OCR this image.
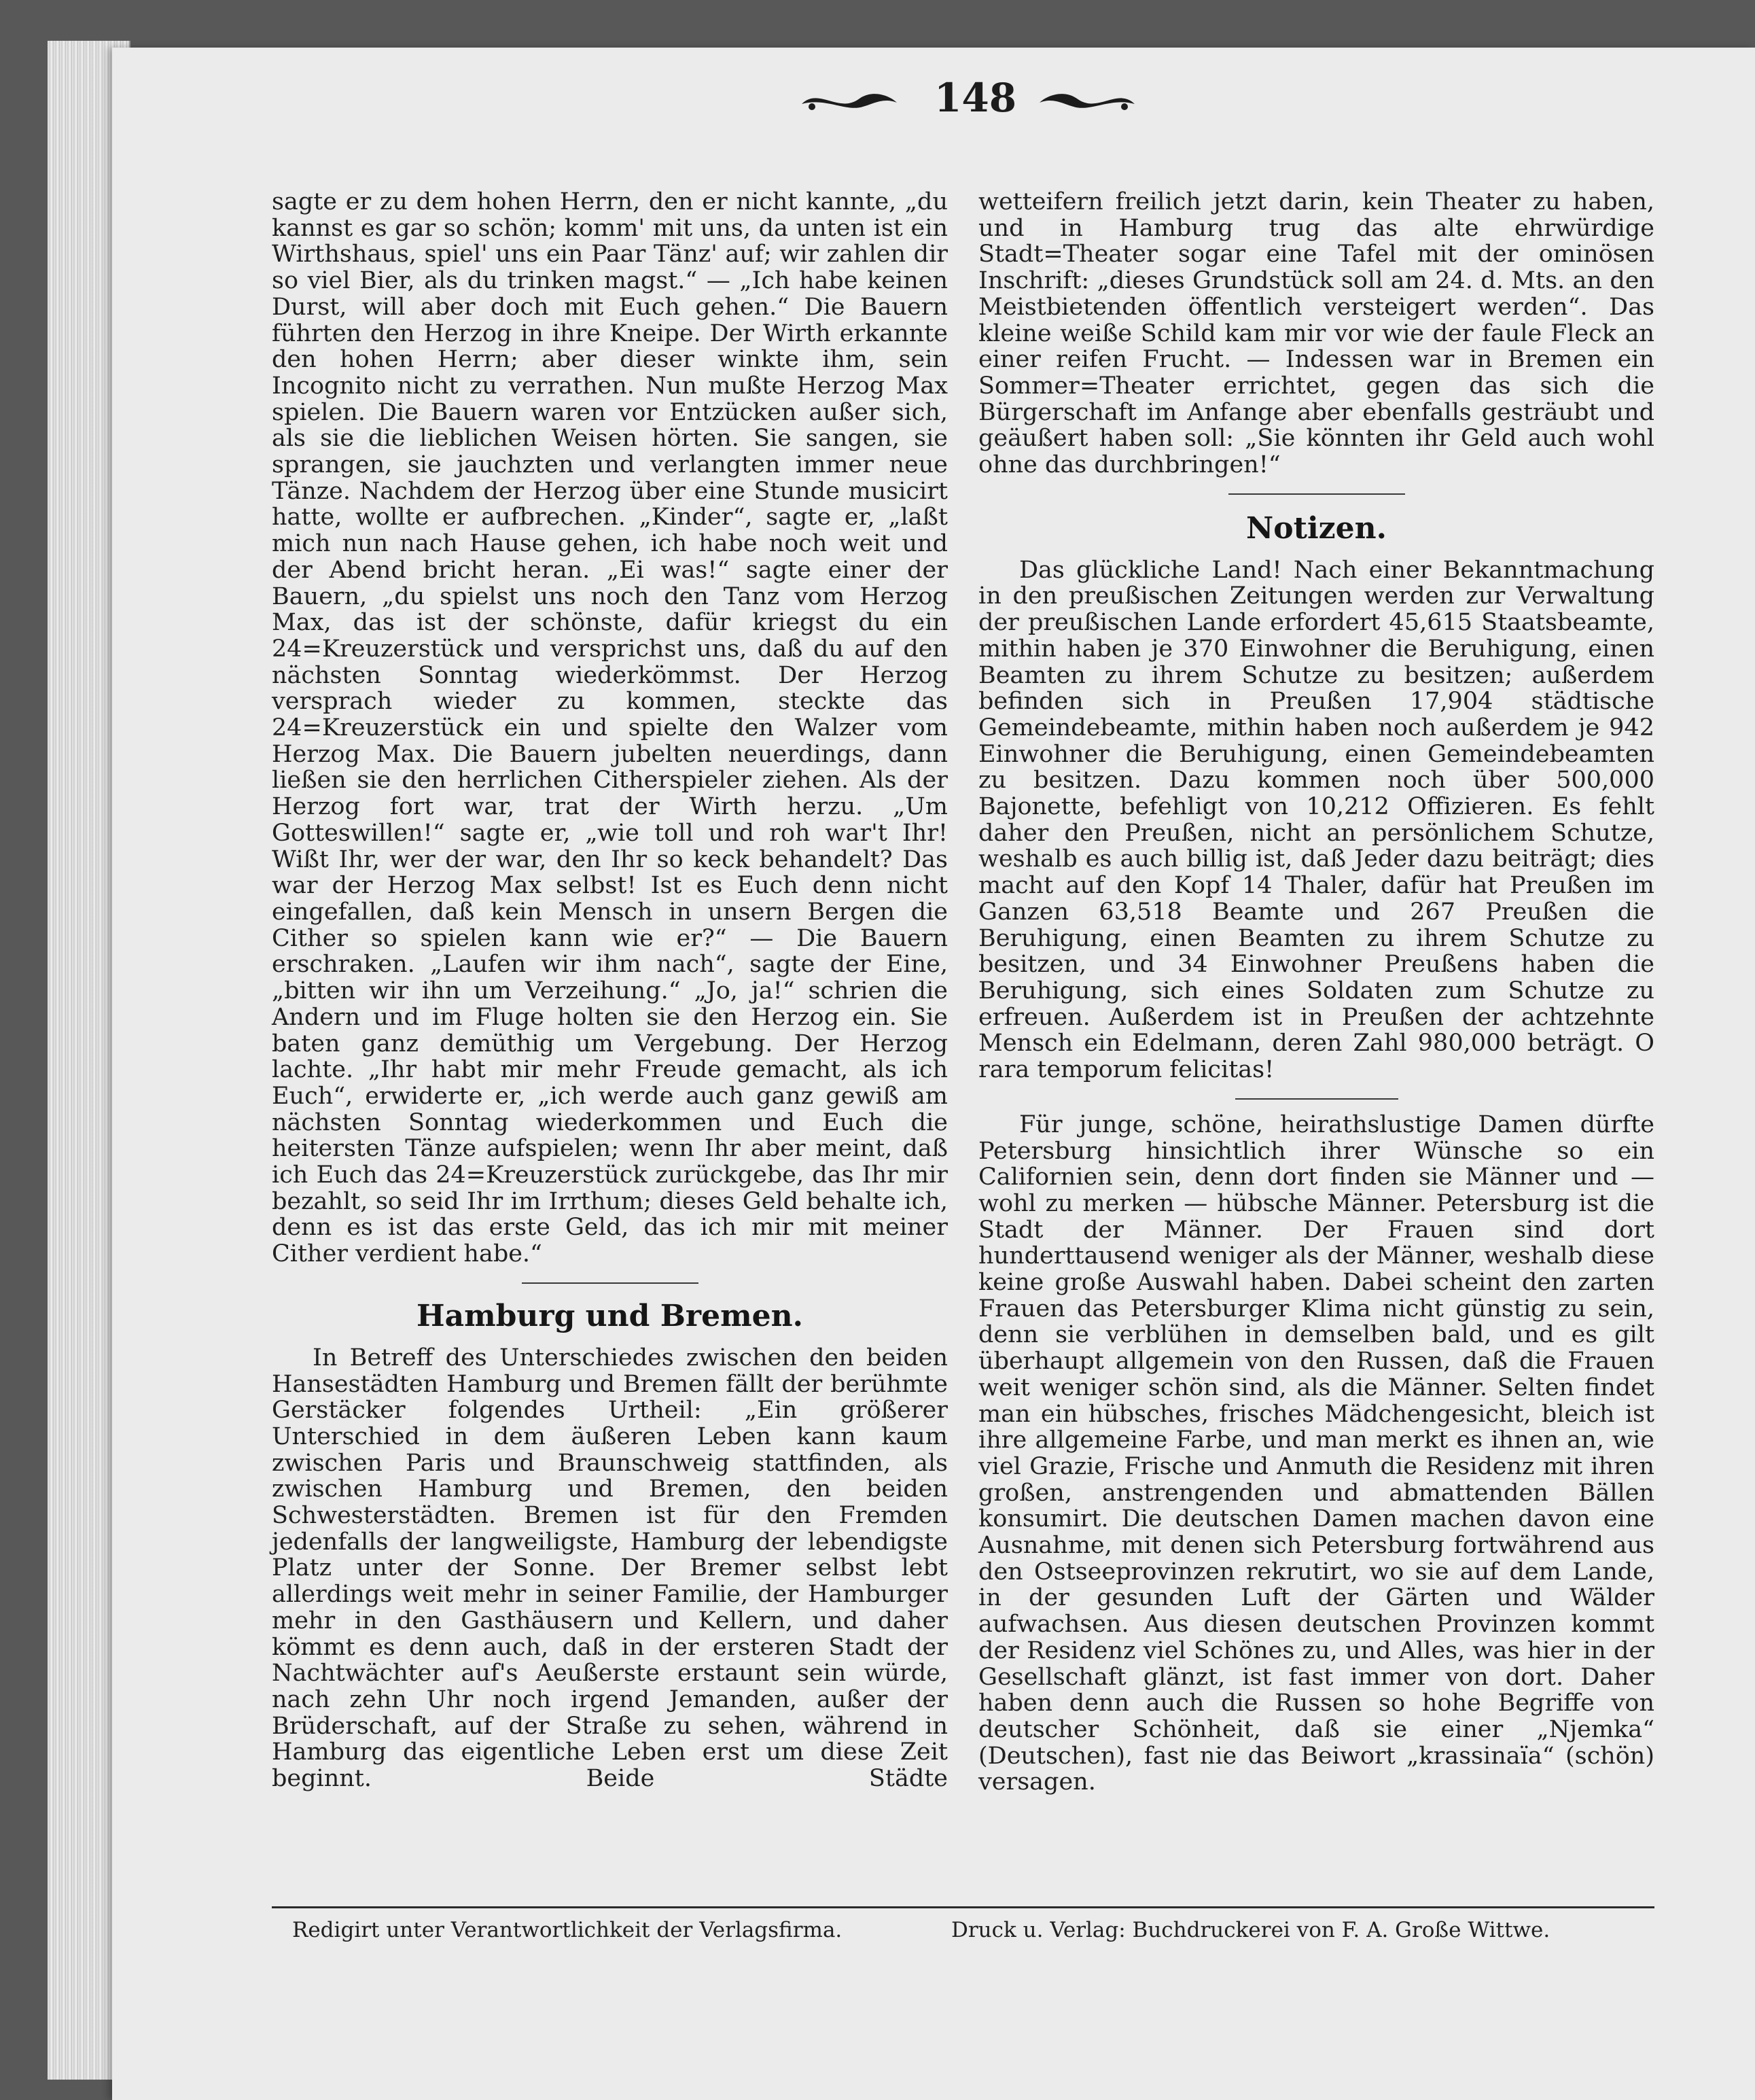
148

sagte er zu dem hohen Herrn, den er nicht kannte, „du kannst es gar so schön; komm' mit uns, da unten ist ein Wirthshaus, spiel' uns ein Paar Tänz' auf; wir zahlen dir so viel Bier, als du trinken magst.“ — „Ich habe keinen Durst, will aber doch mit Euch gehen.“ Die Bauern führten den Herzog in ihre Kneipe. Der Wirth erkannte den hohen Herrn; aber dieser winkte ihm, sein Incognito nicht zu verrathen. Nun mußte Herzog Max spielen. Die Bauern waren vor Entzücken außer sich, als sie die lieblichen Weisen hörten. Sie sangen, sie sprangen, sie jauchzten und verlangten immer neue Tänze. Nachdem der Herzog über eine Stunde musicirt hatte, wollte er aufbrechen. „Kinder“, sagte er, „laßt mich nun nach Hause gehen, ich habe noch weit und der Abend bricht heran. „Ei was!“ sagte einer der Bauern, „du spielst uns noch den Tanz vom Herzog Max, das ist der schönste, dafür kriegst du ein 24=Kreuzerstück und versprichst uns, daß du auf den nächsten Sonntag wiederkömmst. Der Herzog versprach wieder zu kommen, steckte das 24=Kreuzerstück ein und spielte den Walzer vom Herzog Max. Die Bauern jubelten neuerdings, dann ließen sie den herrlichen Citherspieler ziehen. Als der Herzog fort war, trat der Wirth herzu. „Um Gotteswillen!“ sagte er, „wie toll und roh war't Ihr! Wißt Ihr, wer der war, den Ihr so keck behandelt? Das war der Herzog Max selbst! Ist es Euch denn nicht eingefallen, daß kein Mensch in unsern Bergen die Cither so spielen kann wie er?“ — Die Bauern erschraken. „Laufen wir ihm nach“, sagte der Eine, „bitten wir ihn um Verzeihung.“ „Jo, ja!“ schrien die Andern und im Fluge holten sie den Herzog ein. Sie baten ganz demüthig um Vergebung. Der Herzog lachte. „Ihr habt mir mehr Freude gemacht, als ich Euch“, erwiderte er, „ich werde auch ganz gewiß am nächsten Sonntag wiederkommen und Euch die heitersten Tänze aufspielen; wenn Ihr aber meint, daß ich Euch das 24=Kreuzerstück zurückgebe, das Ihr mir bezahlt, so seid Ihr im Irrthum; dieses Geld behalte ich, denn es ist das erste Geld, das ich mir mit meiner Cither verdient habe.“

Hamburg und Bremen.

In Betreff des Unterschiedes zwischen den beiden Hansestädten Hamburg und Bremen fällt der berühmte Gerstäcker folgendes Urtheil: „Ein größerer Unterschied in dem äußeren Leben kann kaum zwischen Paris und Braunschweig stattfinden, als zwischen Hamburg und Bremen, den beiden Schwesterstädten. Bremen ist für den Fremden jedenfalls der langweiligste, Hamburg der lebendigste Platz unter der Sonne. Der Bremer selbst lebt allerdings weit mehr in seiner Familie, der Hamburger mehr in den Gasthäusern und Kellern, und daher kömmt es denn auch, daß in der ersteren Stadt der Nachtwächter auf's Aeußerste erstaunt sein würde, nach zehn Uhr noch irgend Jemanden, außer der Brüderschaft, auf der Straße zu sehen, während in Hamburg das eigentliche Leben erst um diese Zeit beginnt. Beide Städte

wetteifern freilich jetzt darin, kein Theater zu haben, und in Hamburg trug das alte ehrwürdige Stadt=Theater sogar eine Tafel mit der ominösen Inschrift: „dieses Grundstück soll am 24. d. Mts. an den Meistbietenden öffentlich versteigert werden“. Das kleine weiße Schild kam mir vor wie der faule Fleck an einer reifen Frucht. — Indessen war in Bremen ein Sommer=Theater errichtet, gegen das sich die Bürgerschaft im Anfange aber ebenfalls gesträubt und geäußert haben soll: „Sie könnten ihr Geld auch wohl ohne das durchbringen!“

Notizen.

Das glückliche Land! Nach einer Bekanntmachung in den preußischen Zeitungen werden zur Verwaltung der preußischen Lande erfordert 45,615 Staatsbeamte, mithin haben je 370 Einwohner die Beruhigung, einen Beamten zu ihrem Schutze zu besitzen; außerdem befinden sich in Preußen 17,904 städtische Gemeindebeamte, mithin haben noch außerdem je 942 Einwohner die Beruhigung, einen Gemeindebeamten zu besitzen. Dazu kommen noch über 500,000 Bajonette, befehligt von 10,212 Offizieren. Es fehlt daher den Preußen, nicht an persönlichem Schutze, weshalb es auch billig ist, daß Jeder dazu beiträgt; dies macht auf den Kopf 14 Thaler, dafür hat Preußen im Ganzen 63,518 Beamte und 267 Preußen die Beruhigung, einen Beamten zu ihrem Schutze zu besitzen, und 34 Einwohner Preußens haben die Beruhigung, sich eines Soldaten zum Schutze zu erfreuen. Außerdem ist in Preußen der achtzehnte Mensch ein Edelmann, deren Zahl 980,000 beträgt. O rara temporum felicitas!

Für junge, schöne, heirathslustige Damen dürfte Petersburg hinsichtlich ihrer Wünsche so ein Californien sein, denn dort finden sie Männer und — wohl zu merken — hübsche Männer. Petersburg ist die Stadt der Männer. Der Frauen sind dort hunderttausend weniger als der Männer, weshalb diese keine große Auswahl haben. Dabei scheint den zarten Frauen das Petersburger Klima nicht günstig zu sein, denn sie verblühen in demselben bald, und es gilt überhaupt allgemein von den Russen, daß die Frauen weit weniger schön sind, als die Männer. Selten findet man ein hübsches, frisches Mädchengesicht, bleich ist ihre allgemeine Farbe, und man merkt es ihnen an, wie viel Grazie, Frische und Anmuth die Residenz mit ihren großen, anstrengenden und abmattenden Bällen konsumirt. Die deutschen Damen machen davon eine Ausnahme, mit denen sich Petersburg fortwährend aus den Ostseeprovinzen rekrutirt, wo sie auf dem Lande, in der gesunden Luft der Gärten und Wälder aufwachsen. Aus diesen deutschen Provinzen kommt der Residenz viel Schönes zu, und Alles, was hier in der Gesellschaft glänzt, ist fast immer von dort. Daher haben denn auch die Russen so hohe Begriffe von deutscher Schönheit, daß sie einer „Njemka“ (Deutschen), fast nie das Beiwort „krassinaïa“ (schön) versagen.

Redigirt unter Verantwortlichkeit der Verlagsfirma.	Druck u. Verlag: Buchdruckerei von F. A. Große Wittwe.
